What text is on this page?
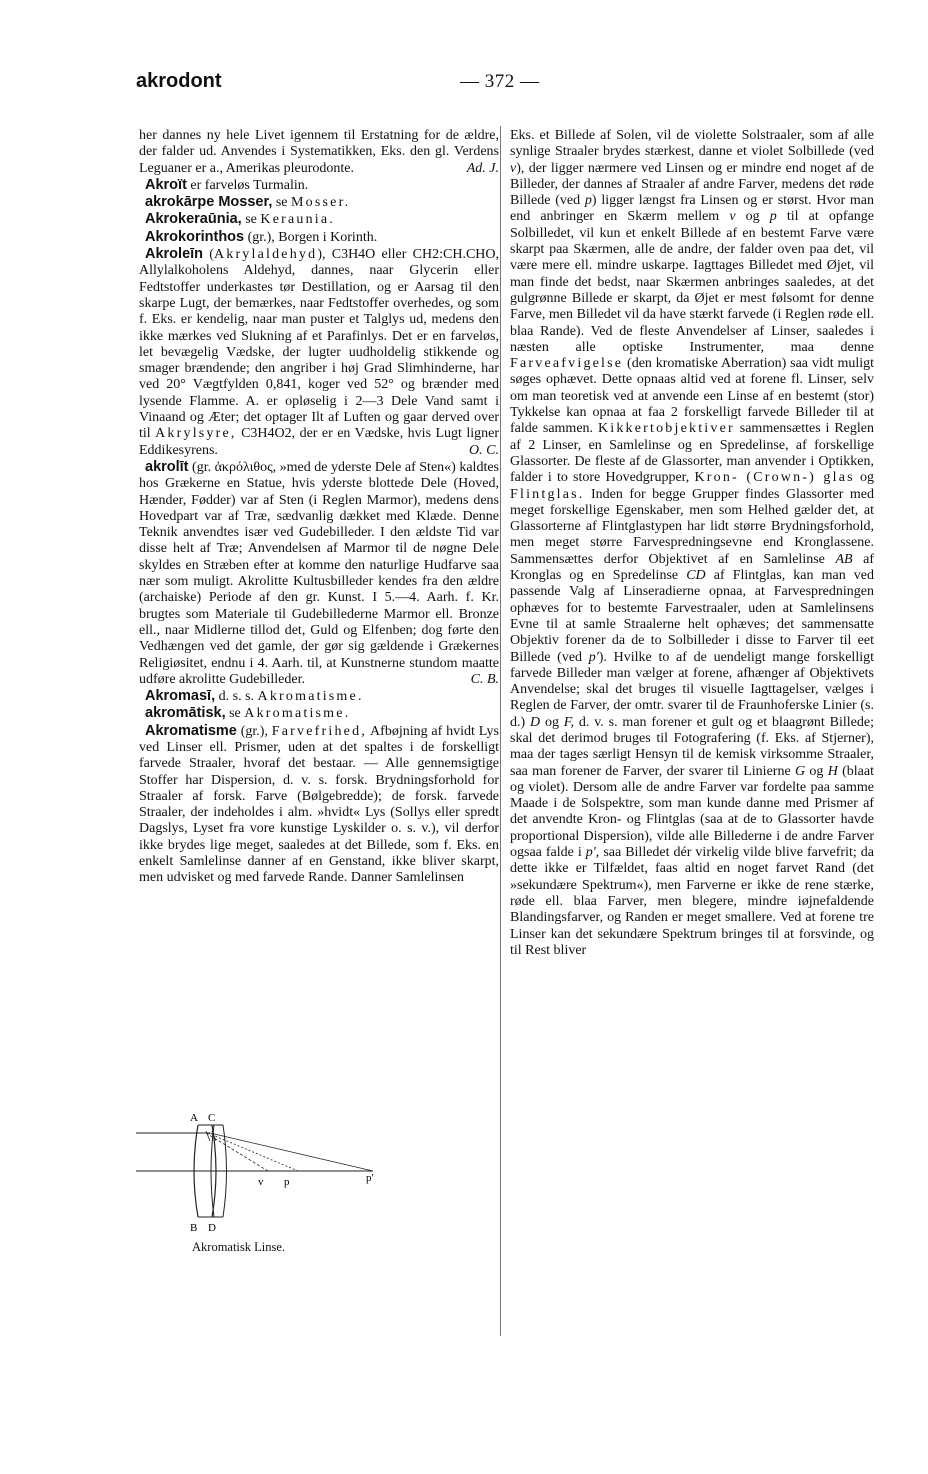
akrodont	— 372 —

her dannes ny hele Livet igennem til Erstatning for de ældre, der falder ud. Anvendes i Systematikken, Eks. den gl. Verdens Leguaner er a., Amerikas pleurodonte.	Ad. J.

Akroït er farveløs Turmalin.

akrokārpe Mosser, se Mosser.

Akrokeraūnia, se Keraunia.

Akrokorinthos (gr.), Borgen i Korinth.

Akroleīn (Akrylaldehyd), C3H4O eller CH2:CH.CHO, Allylalkoholens Aldehyd, dannes, naar Glycerin eller Fedtstoffer underkastes tør Destillation, og er Aarsag til den skarpe Lugt, der bemærkes, naar Fedtstoffer overhedes, og som f. Eks. er kendelig, naar man puster et Talglys ud, medens den ikke mærkes ved Slukning af et Parafinlys. Det er en farveløs, let bevægelig Vædske, der lugter uudholdelig stikkende og smager brændende; den angriber i høj Grad Slimhinderne, har ved 20° Vægtfylden 0,841, koger ved 52° og brænder med lysende Flamme. A. er opløselig i 2—3 Dele Vand samt i Vinaand og Æter; det optager Ilt af Luften og gaar derved over til Akrylsyre, C3H4O2, der er en Vædske, hvis Lugt ligner Eddikesyrens.	O. C.

akrolīt (gr. ἀκρόλιθος, »med de yderste Dele af Sten«) kaldtes hos Grækerne en Statue, hvis yderste blottede Dele (Hoved, Hænder, Fødder) var af Sten (i Reglen Marmor), medens dens Hovedpart var af Træ, sædvanlig dækket med Klæde. Denne Teknik anvendtes især ved Gudebilleder. I den ældste Tid var disse helt af Træ; Anvendelsen af Marmor til de nøgne Dele skyldes en Stræben efter at komme den naturlige Hudfarve saa nær som muligt. Akrolitte Kultusbilleder kendes fra den ældre (archaiske) Periode af den gr. Kunst. I 5.—4. Aarh. f. Kr. brugtes som Materiale til Gudebillederne Marmor ell. Bronze ell., naar Midlerne tillod det, Guld og Elfenben; dog førte den Vedhængen ved det gamle, der gør sig gældende i Grækernes Religiøsitet, endnu i 4. Aarh. til, at Kunstnerne stundom maatte udføre akrolitte Gudebilleder.	C. B.

Akromasī, d. s. s. Akromatisme.

akromātisk, se Akromatisme.

Akromatisme (gr.), Farvefrihed, Afbøjning af hvidt Lys ved Linser ell. Prismer, uden at det spaltes i de forskelligt farvede Straaler, hvoraf det bestaar. — Alle gennemsigtige Stoffer har Dispersion, d. v. s. forsk. Brydningsforhold for Straaler af forsk. Farve (Bølgebredde); de forsk. farvede Straaler, der indeholdes i alm. »hvidt« Lys (Sollys eller spredt Dagslys, Lyset fra vore kunstige Lyskilder o. s. v.), vil derfor ikke brydes lige meget, saaledes at det Billede, som f. Eks. en enkelt Samlelinse danner af en Genstand, ikke bliver skarpt, men udvisket og med farvede Rande. Danner Samlelinsen

Eks. et Billede af Solen, vil de violette Solstraaler, som af alle synlige Straaler brydes stærkest, danne et violet Solbillede (ved v), der ligger nærmere ved Linsen og er mindre end noget af de Billeder, der dannes af Straaler af andre Farver, medens det røde Billede (ved p) ligger længst fra Linsen og er størst. Hvor man end anbringer en Skærm mellem v og p til at opfange Solbilledet, vil kun et enkelt Billede af en bestemt Farve være skarpt paa Skærmen, alle de andre, der falder oven paa det, vil være mere ell. mindre uskarpe. Iagttages Billedet med Øjet, vil man finde det bedst, naar Skærmen anbringes saaledes, at det gulgrønne Billede er skarpt, da Øjet er mest følsomt for denne Farve, men Billedet vil da have stærkt farvede (i Reglen røde ell. blaa Rande). Ved de fleste Anvendelser af Linser, saaledes i næsten alle optiske Instrumenter, maa denne Farveafvigelse (den kromatiske Aberration) saa vidt muligt søges ophævet. Dette opnaas altid ved at forene fl. Linser, selv om man teoretisk ved at anvende een Linse af en bestemt (stor) Tykkelse kan opnaa at faa 2 forskelligt farvede Billeder til at falde sammen. Kikkertobjektiver sammensættes i Reglen af 2 Linser, en Samlelinse og en Spredelinse, af forskellige Glassorter. De fleste af de Glassorter, man anvender i Optikken, falder i to store Hovedgrupper, Kron- (Crown-) glas og Flintglas. Inden for begge Grupper findes Glassorter med meget forskellige Egenskaber, men som Helhed gælder det, at Glassorterne af Flintglastypen har lidt større Brydningsforhold, men meget større Farvespredningsevne end Kronglassene. Sammensættes derfor Objektivet af en Samlelinse AB af Kronglas og en Spredelinse CD af Flintglas, kan man ved passende Valg af Linseradierne opnaa, at Farvespredningen ophæves for to bestemte Farvestraaler, uden at Samlelinsens Evne til at samle Straalerne helt ophæves; det sammensatte Objektiv forener da de to Solbilleder i disse to Farver til eet Billede (ved p'). Hvilke to af de uendeligt mange forskelligt farvede Billeder man vælger at forene, afhænger af Objektivets Anvendelse; skal det bruges til visuelle Iagttagelser, vælges i Reglen de Farver, der omtr. svarer til de Fraunhoferske Linier (s. d.) D og F, d. v. s. man forener et gult og et blaagrønt Billede; skal det derimod bruges til Fotografering (f. Eks. af Stjerner), maa der tages særligt Hensyn til de kemisk virksomme Straaler, saa man forener de Farver, der svarer til Linierne G og H (blaat og violet). Dersom alle de andre Farver var fordelte paa samme Maade i de Solspektre, som man kunde danne med Prismer af det anvendte Kron- og Flintglas (saa at de to Glassorter havde proportional Dispersion), vilde alle Billederne i de andre Farver ogsaa falde i p', saa Billedet dér virkelig vilde blive farvefrit; da dette ikke er Tilfældet, faas altid en noget farvet Rand (det »sekundære Spektrum«), men Farverne er ikke de rene stærke, røde ell. blaa Farver, men blegere, mindre iøjnefaldende Blandingsfarver, og Randen er meget smallere. Ved at forene tre Linser kan det sekundære Spektrum bringes til at forsvinde, og til Rest bliver

A C
B D
v p	p'
Akromatisk Linse.
